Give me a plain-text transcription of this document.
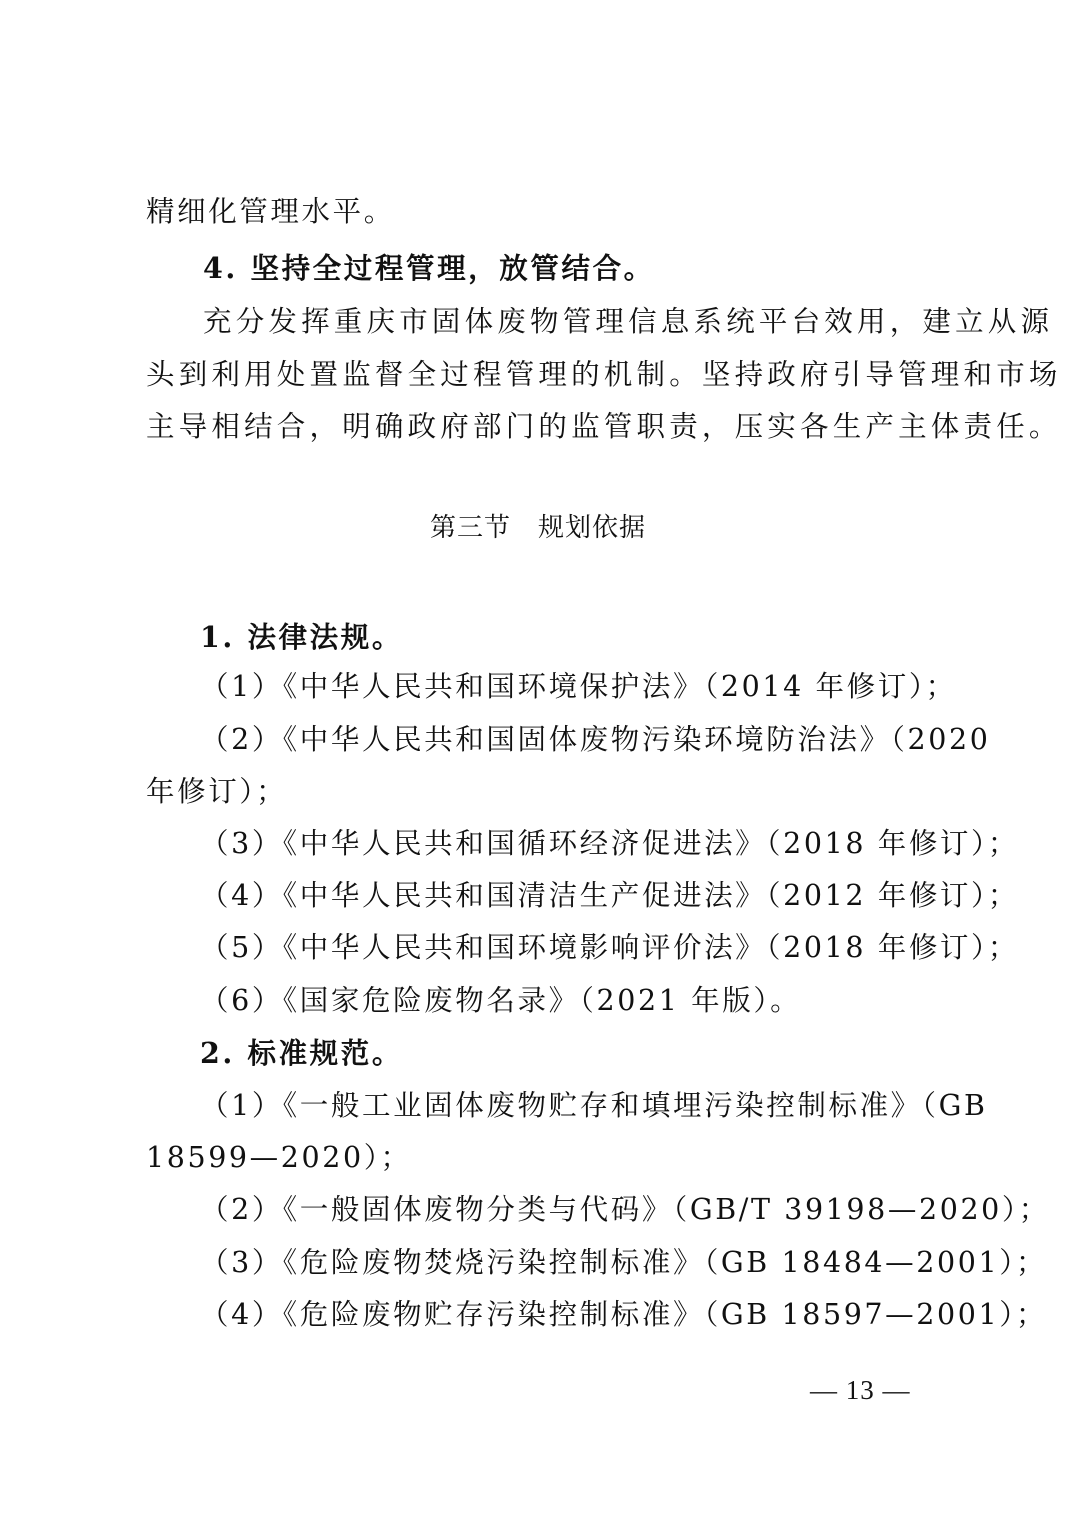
精细化管理水平。
4. 坚持全过程管理，放管结合。
充分发挥重庆市固体废物管理信息系统平台效用，建立从源
头到利用处置监督全过程管理的机制。坚持政府引导管理和市场
主导相结合，明确政府部门的监管职责，压实各生产主体责任。
第三节　规划依据
1. 法律法规。
（1）《中华人民共和国环境保护法》（2014 年修订）；
（2）《中华人民共和国固体废物污染环境防治法》（2020
年修订）；
（3）《中华人民共和国循环经济促进法》（2018 年修订）；
（4）《中华人民共和国清洁生产促进法》（2012 年修订）；
（5）《中华人民共和国环境影响评价法》（2018 年修订）；
（6）《国家危险废物名录》（2021 年版）。
2. 标准规范。
（1）《一般工业固体废物贮存和填埋污染控制标准》（GB
18599—2020）；
（2）《一般固体废物分类与代码》（GB/T 39198—2020）；
（3）《危险废物焚烧污染控制标准》（GB 18484—2001）；
（4）《危险废物贮存污染控制标准》（GB 18597—2001）；
— 13 —
